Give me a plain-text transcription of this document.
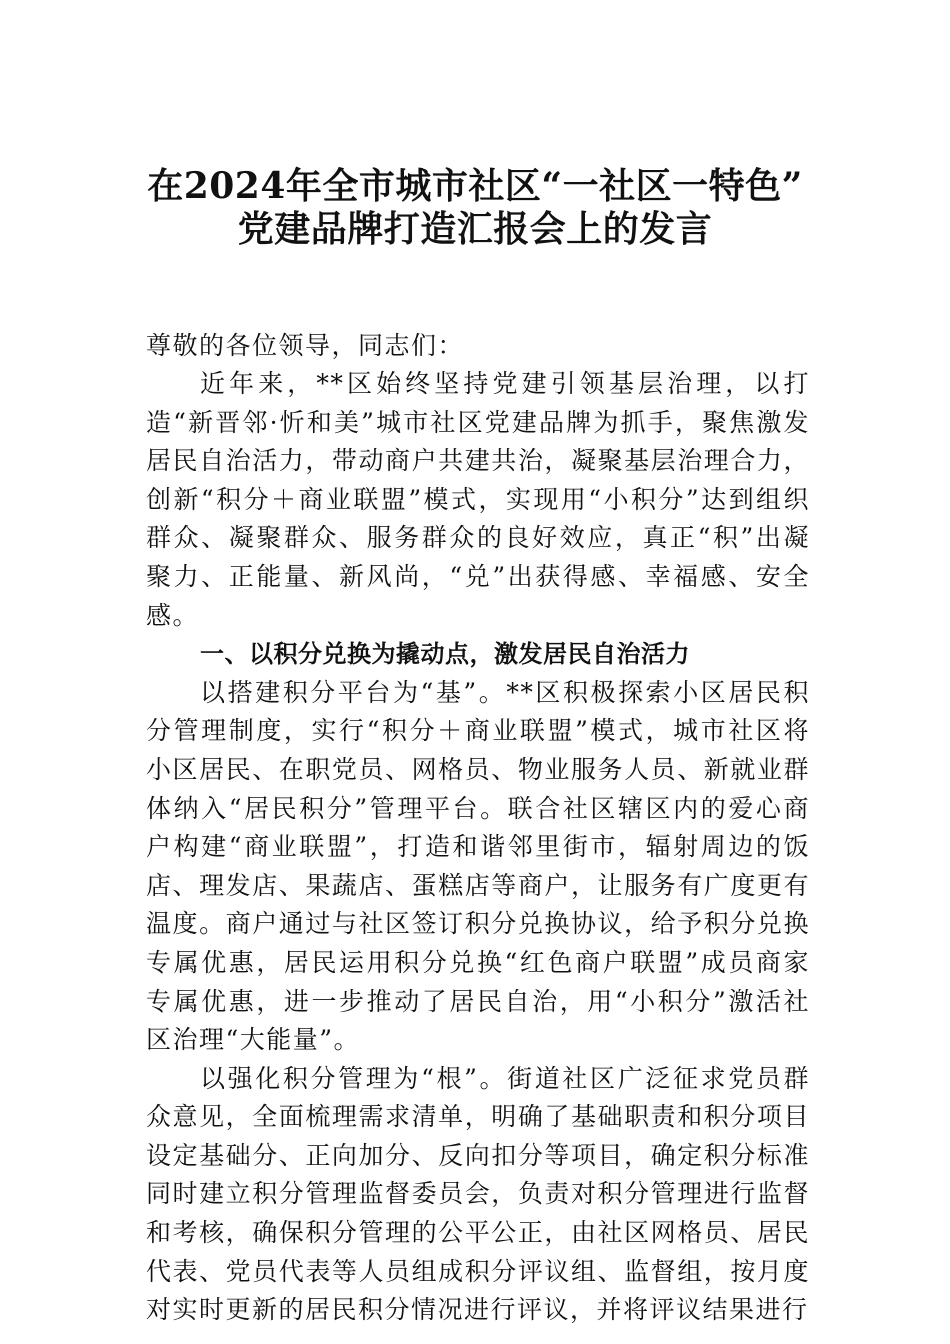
在2024年全市城市社区“一社区一特色”
党建品牌打造汇报会上的发言
尊敬的各位领导，同志们：

近年来，**区始终坚持党建引领基层治理，以打造“新晋邻·忻和美”城市社区党建品牌为抓手，聚焦激发居民自治活力，带动商户共建共治，凝聚基层治理合力，创新“积分＋商业联盟”模式，实现用“小积分”达到组织群众、凝聚群众、服务群众的良好效应，真正“积”出凝聚力、正能量、新风尚，“兑”出获得感、幸福感、安全感。

一、以积分兑换为撬动点，激发居民自治活力

以搭建积分平台为“基”。**区积极探索小区居民积分管理制度，实行“积分＋商业联盟”模式，城市社区将小区居民、在职党员、网格员、物业服务人员、新就业群体纳入“居民积分”管理平台。联合社区辖区内的爱心商户构建“商业联盟”，打造和谐邻里街市，辐射周边的饭店、理发店、果蔬店、蛋糕店等商户，让服务有广度更有温度。商户通过与社区签订积分兑换协议，给予积分兑换专属优惠，居民运用积分兑换“红色商户联盟”成员商家专属优惠，进一步推动了居民自治，用“小积分”激活社区治理“大能量”。

以强化积分管理为“根”。街道社区广泛征求党员群众意见，全面梳理需求清单，明确了基础职责和积分项目设定基础分、正向加分、反向扣分等项目，确定积分标准同时建立积分管理监督委员会，负责对积分管理进行监督和考核，确保积分管理的公平公正，由社区网格员、居民代表、党员代表等人员组成积分评议组、监督组，按月度对实时更新的居民积分情况进行评议，并将评议结果进行
